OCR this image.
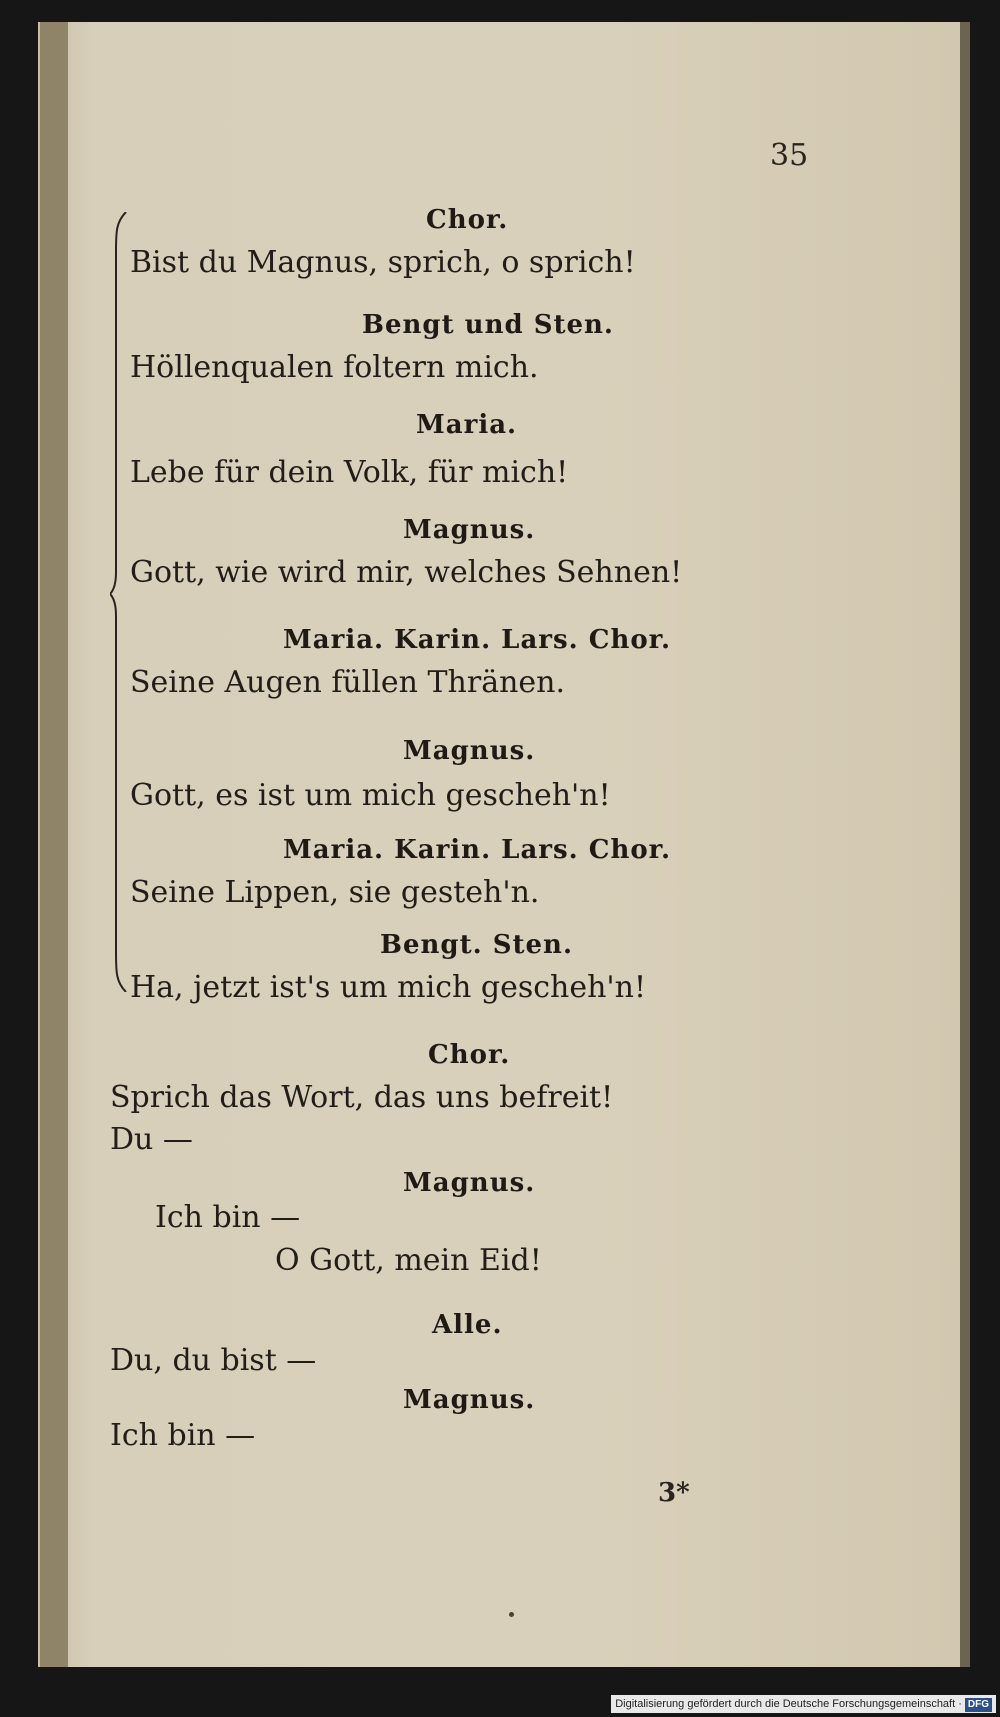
35
Chor.
Bist du Magnus, sprich, o sprich!
Bengt und Sten.
Höllenqualen foltern mich.
Maria.
Lebe für dein Volk, für mich!
Magnus.
Gott, wie wird mir, welches Sehnen!
Maria. Karin. Lars. Chor.
Seine Augen füllen Thränen.
Magnus.
Gott, es ist um mich gescheh'n!
Maria. Karin. Lars. Chor.
Seine Lippen, sie gesteh'n.
Bengt. Sten.
Ha, jetzt ist's um mich gescheh'n!
Chor.
Sprich das Wort, das uns befreit!
Du —
Magnus.
Ich bin —
O Gott, mein Eid!
Alle.
Du, du bist —
Magnus.
Ich bin —
3*
Digitalisierung gefördert durch die Deutsche Forschungsgemeinschaft · DFG
